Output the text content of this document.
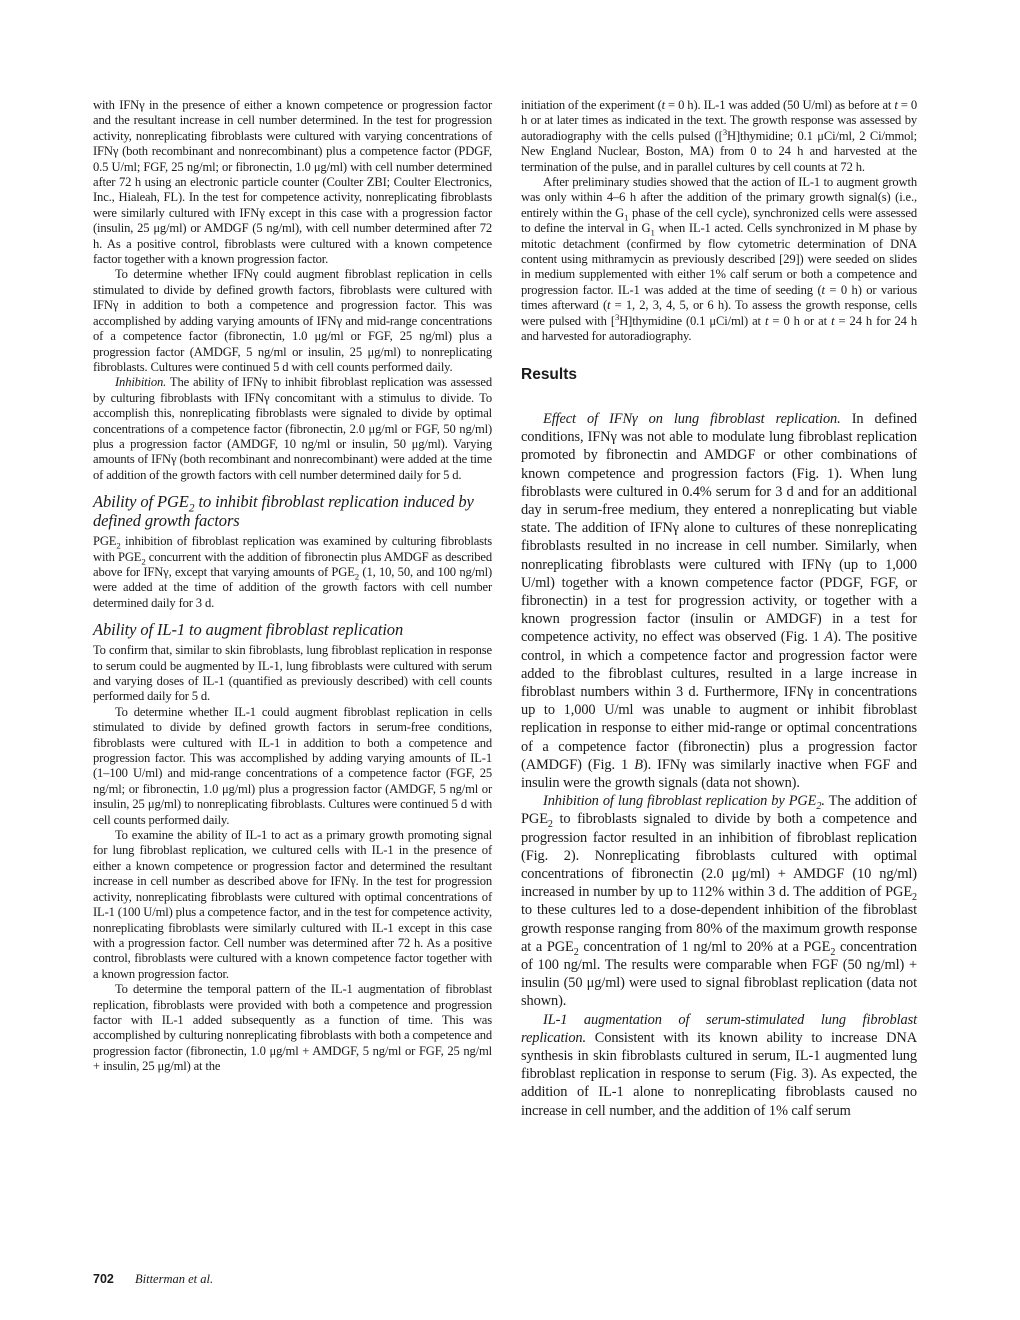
with IFNγ in the presence of either a known competence or progression factor and the resultant increase in cell number determined. In the test for progression activity, nonreplicating fibroblasts were cultured with varying concentrations of IFNγ (both recombinant and nonrecombinant) plus a competence factor (PDGF, 0.5 U/ml; FGF, 25 ng/ml; or fibronectin, 1.0 μg/ml) with cell number determined after 72 h using an electronic particle counter (Coulter ZBI; Coulter Electronics, Inc., Hialeah, FL). In the test for competence activity, nonreplicating fibroblasts were similarly cultured with IFNγ except in this case with a progression factor (insulin, 25 μg/ml) or AMDGF (5 ng/ml), with cell number determined after 72 h. As a positive control, fibroblasts were cultured with a known competence factor together with a known progression factor.

To determine whether IFNγ could augment fibroblast replication in cells stimulated to divide by defined growth factors, fibroblasts were cultured with IFNγ in addition to both a competence and progression factor. This was accomplished by adding varying amounts of IFNγ and mid-range concentrations of a competence factor (fibronectin, 1.0 μg/ml or FGF, 25 ng/ml) plus a progression factor (AMDGF, 5 ng/ml or insulin, 25 μg/ml) to nonreplicating fibroblasts. Cultures were continued 5 d with cell counts performed daily.

Inhibition. The ability of IFNγ to inhibit fibroblast replication was assessed by culturing fibroblasts with IFNγ concomitant with a stimulus to divide. To accomplish this, nonreplicating fibroblasts were signaled to divide by optimal concentrations of a competence factor (fibronectin, 2.0 μg/ml or FGF, 50 ng/ml) plus a progression factor (AMDGF, 10 ng/ml or insulin, 50 μg/ml). Varying amounts of IFNγ (both recombinant and nonrecombinant) were added at the time of addition of the growth factors with cell number determined daily for 5 d.

Ability of $PGE_2$ to inhibit fibroblast replication induced by defined growth factors

$PGE_2$ inhibition of fibroblast replication was examined by culturing fibroblasts with $PGE_2$ concurrent with the addition of fibronectin plus AMDGF as described above for IFNγ, except that varying amounts of $PGE_2$ (1, 10, 50, and 100 ng/ml) were added at the time of addition of the growth factors with cell number determined daily for 3 d.

Ability of IL-1 to augment fibroblast replication

To confirm that, similar to skin fibroblasts, lung fibroblast replication in response to serum could be augmented by IL-1, lung fibroblasts were cultured with serum and varying doses of IL-1 (quantified as previously described) with cell counts performed daily for 5 d.

To determine whether IL-1 could augment fibroblast replication in cells stimulated to divide by defined growth factors in serum-free conditions, fibroblasts were cultured with IL-1 in addition to both a competence and progression factor. This was accomplished by adding varying amounts of IL-1 (1–100 U/ml) and mid-range concentrations of a competence factor (FGF, 25 ng/ml; or fibronectin, 1.0 μg/ml) plus a progression factor (AMDGF, 5 ng/ml or insulin, 25 μg/ml) to nonreplicating fibroblasts. Cultures were continued 5 d with cell counts performed daily.

To examine the ability of IL-1 to act as a primary growth promoting signal for lung fibroblast replication, we cultured cells with IL-1 in the presence of either a known competence or progression factor and determined the resultant increase in cell number as described above for IFNγ. In the test for progression activity, nonreplicating fibroblasts were cultured with optimal concentrations of IL-1 (100 U/ml) plus a competence factor, and in the test for competence activity, nonreplicating fibroblasts were similarly cultured with IL-1 except in this case with a progression factor. Cell number was determined after 72 h. As a positive control, fibroblasts were cultured with a known competence factor together with a known progression factor.

To determine the temporal pattern of the IL-1 augmentation of fibroblast replication, fibroblasts were provided with both a competence and progression factor with IL-1 added subsequently as a function of time. This was accomplished by culturing nonreplicating fibroblasts with both a competence and progression factor (fibronectin, 1.0 μg/ml + AMDGF, 5 ng/ml or FGF, 25 ng/ml + insulin, 25 μg/ml) at the

initiation of the experiment (t = 0 h). IL-1 was added (50 U/ml) as before at t = 0 h or at later times as indicated in the text. The growth response was assessed by autoradiography with the cells pulsed ([$^3$H]thymidine; 0.1 μCi/ml, 2 Ci/mmol; New England Nuclear, Boston, MA) from 0 to 24 h and harvested at the termination of the pulse, and in parallel cultures by cell counts at 72 h.

After preliminary studies showed that the action of IL-1 to augment growth was only within 4–6 h after the addition of the primary growth signal(s) (i.e., entirely within the $G_1$ phase of the cell cycle), synchronized cells were assessed to define the interval in $G_1$ when IL-1 acted. Cells synchronized in M phase by mitotic detachment (confirmed by flow cytometric determination of DNA content using mithramycin as previously described [29]) were seeded on slides in medium supplemented with either 1% calf serum or both a competence and progression factor. IL-1 was added at the time of seeding (t = 0 h) or various times afterward (t = 1, 2, 3, 4, 5, or 6 h). To assess the growth response, cells were pulsed with [$^3$H]thymidine (0.1 μCi/ml) at t = 0 h or at t = 24 h for 24 h and harvested for autoradiography.

Results

Effect of IFNγ on lung fibroblast replication. In defined conditions, IFNγ was not able to modulate lung fibroblast replication promoted by fibronectin and AMDGF or other combinations of known competence and progression factors (Fig. 1). When lung fibroblasts were cultured in 0.4% serum for 3 d and for an additional day in serum-free medium, they entered a nonreplicating but viable state. The addition of IFNγ alone to cultures of these nonreplicating fibroblasts resulted in no increase in cell number. Similarly, when nonreplicating fibroblasts were cultured with IFNγ (up to 1,000 U/ml) together with a known competence factor (PDGF, FGF, or fibronectin) in a test for progression activity, or together with a known progression factor (insulin or AMDGF) in a test for competence activity, no effect was observed (Fig. 1 A). The positive control, in which a competence factor and progression factor were added to the fibroblast cultures, resulted in a large increase in fibroblast numbers within 3 d. Furthermore, IFNγ in concentrations up to 1,000 U/ml was unable to augment or inhibit fibroblast replication in response to either mid-range or optimal concentrations of a competence factor (fibronectin) plus a progression factor (AMDGF) (Fig. 1 B). IFNγ was similarly inactive when FGF and insulin were the growth signals (data not shown).

Inhibition of lung fibroblast replication by $PGE_2$. The addition of $PGE_2$ to fibroblasts signaled to divide by both a competence and progression factor resulted in an inhibition of fibroblast replication (Fig. 2). Nonreplicating fibroblasts cultured with optimal concentrations of fibronectin (2.0 μg/ml) + AMDGF (10 ng/ml) increased in number by up to 112% within 3 d. The addition of $PGE_2$ to these cultures led to a dose-dependent inhibition of the fibroblast growth response ranging from 80% of the maximum growth response at a $PGE_2$ concentration of 1 ng/ml to 20% at a $PGE_2$ concentration of 100 ng/ml. The results were comparable when FGF (50 ng/ml) + insulin (50 μg/ml) were used to signal fibroblast replication (data not shown).

IL-1 augmentation of serum-stimulated lung fibroblast replication. Consistent with its known ability to increase DNA synthesis in skin fibroblasts cultured in serum, IL-1 augmented lung fibroblast replication in response to serum (Fig. 3). As expected, the addition of IL-1 alone to nonreplicating fibroblasts caused no increase in cell number, and the addition of 1% calf serum

702 Bitterman et al.
